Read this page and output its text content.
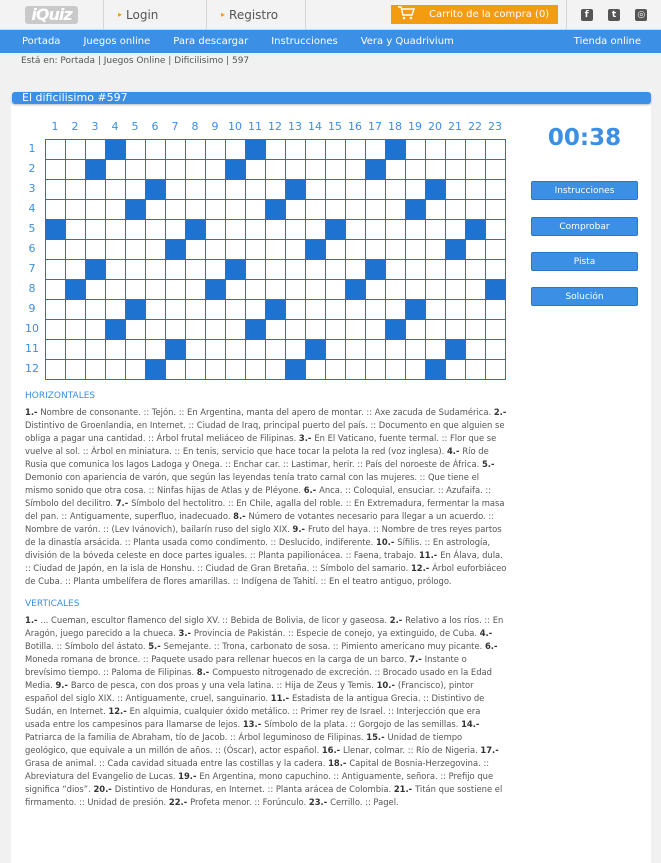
iQuiz	▸ Login	▸ Registro	Carrito de la compra (0)	f	t	◎
Portada Juegos online Para descargar Instrucciones Vera y Quadrivium	Tienda online
Está en: Portada | Juegos Online | Dificilisimo | 597
El dificilisimo #597
1	2	3	4	5	6	7	8	9 10 11 12 13 14 15 16 17 18 19 20 21 22 23
1
2
3
4
5
6
7
8
9
10
11
12

00:38
Instrucciones
Comprobar
Pista
Solución
HORIZONTALES

1.- Nombre de consonante. :: Tejón. :: En Argentina, manta del apero de montar. :: Axe zacuda de Sudamérica. 2.- Distintivo de Groenlandia, en Internet. :: Ciudad de Iraq, principal puerto del país. :: Documento en que alguien se obliga a pagar una cantidad. :: Árbol frutal meliáceo de Filipinas. 3.- En El Vaticano, fuente termal. :: Flor que se vuelve al sol. :: Árbol en miniatura. :: En tenis, servicio que hace tocar la pelota la red (voz inglesa). 4.- Río de Rusia que comunica los lagos Ladoga y Onega. :: Enchar car. :: Lastimar, herir. :: País del noroeste de África. 5.- Demonio con apariencia de varón, que según las leyendas tenía trato carnal con las mujeres. :: Que tiene el mismo sonido que otra cosa. :: Ninfas hijas de Atlas y de Pléyone. 6.- Anca. :: Coloquial, ensuciar. :: Azufaifa. :: Símbolo del decilitro. 7.- Símbolo del hectolitro. :: En Chile, agalla del roble. :: En Extremadura, fermentar la masa del pan. :: Antiguamente, superfluo, inadecuado. 8.- Número de votantes necesario para llegar a un acuerdo. :: Nombre de varón. :: (Lev Ivánovich), bailarín ruso del siglo XIX. 9.- Fruto del haya. :: Nombre de tres reyes partos de la dinastía arsácida. :: Planta usada como condimento. :: Deslucido, indiferente. 10.- Sífilis. :: En astrología, división de la bóveda celeste en doce partes iguales. :: Planta papilionácea. :: Faena, trabajo. 11.- En Álava, dula. :: Ciudad de Japón, en la isla de Honshu. :: Ciudad de Gran Bretaña. :: Símbolo del samario. 12.- Árbol euforbiáceo de Cuba. :: Planta umbelífera de flores amarillas. :: Indígena de Tahití. :: En el teatro antiguo, prólogo.

VERTICALES

1.- ... Cueman, escultor flamenco del siglo XV. :: Bebida de Bolivia, de licor y gaseosa. 2.- Relativo a los ríos. :: En Aragón, juego parecido a la chueca. 3.- Provincia de Pakistán. :: Especie de conejo, ya extinguido, de Cuba. 4.- Botilla. :: Símbolo del ástato. 5.- Semejante. :: Trona, carbonato de sosa. :: Pimiento americano muy picante. 6.- Moneda romana de bronce. :: Paquete usado para rellenar huecos en la carga de un barco. 7.- Instante o brevísimo tiempo. :: Paloma de Filipinas. 8.- Compuesto nitrogenado de excreción. :: Brocado usado en la Edad Media. 9.- Barco de pesca, con dos proas y una vela latina. :: Hija de Zeus y Temis. 10.- (Francisco), pintor español del siglo XIX. :: Antiguamente, cruel, sanguinario. 11.- Estadista de la antigua Grecia. :: Distintivo de Sudán, en Internet. 12.- En alquimia, cualquier óxido metálico. :: Primer rey de Israel. :: Interjección que era usada entre los campesinos para llamarse de lejos. 13.- Símbolo de la plata. :: Gorgojo de las semillas. 14.- Patriarca de la familia de Abraham, tío de Jacob. :: Árbol leguminoso de Filipinas. 15.- Unidad de tiempo geológico, que equivale a un millón de años. :: (Óscar), actor español. 16.- Llenar, colmar. :: Río de Nigeria. 17.- Grasa de animal. :: Cada cavidad situada entre las costillas y la cadera. 18.- Capital de Bosnia-Herzegovina. :: Abreviatura del Evangelio de Lucas. 19.- En Argentina, mono capuchino. :: Antiguamente, señora. :: Prefijo que significa “dios”. 20.- Distintivo de Honduras, en Internet. :: Planta arácea de Colombia. 21.- Titán que sostiene el firmamento. :: Unidad de presión. 22.- Profeta menor. :: Forúnculo. 23.- Cerrillo. :: Pagel.
